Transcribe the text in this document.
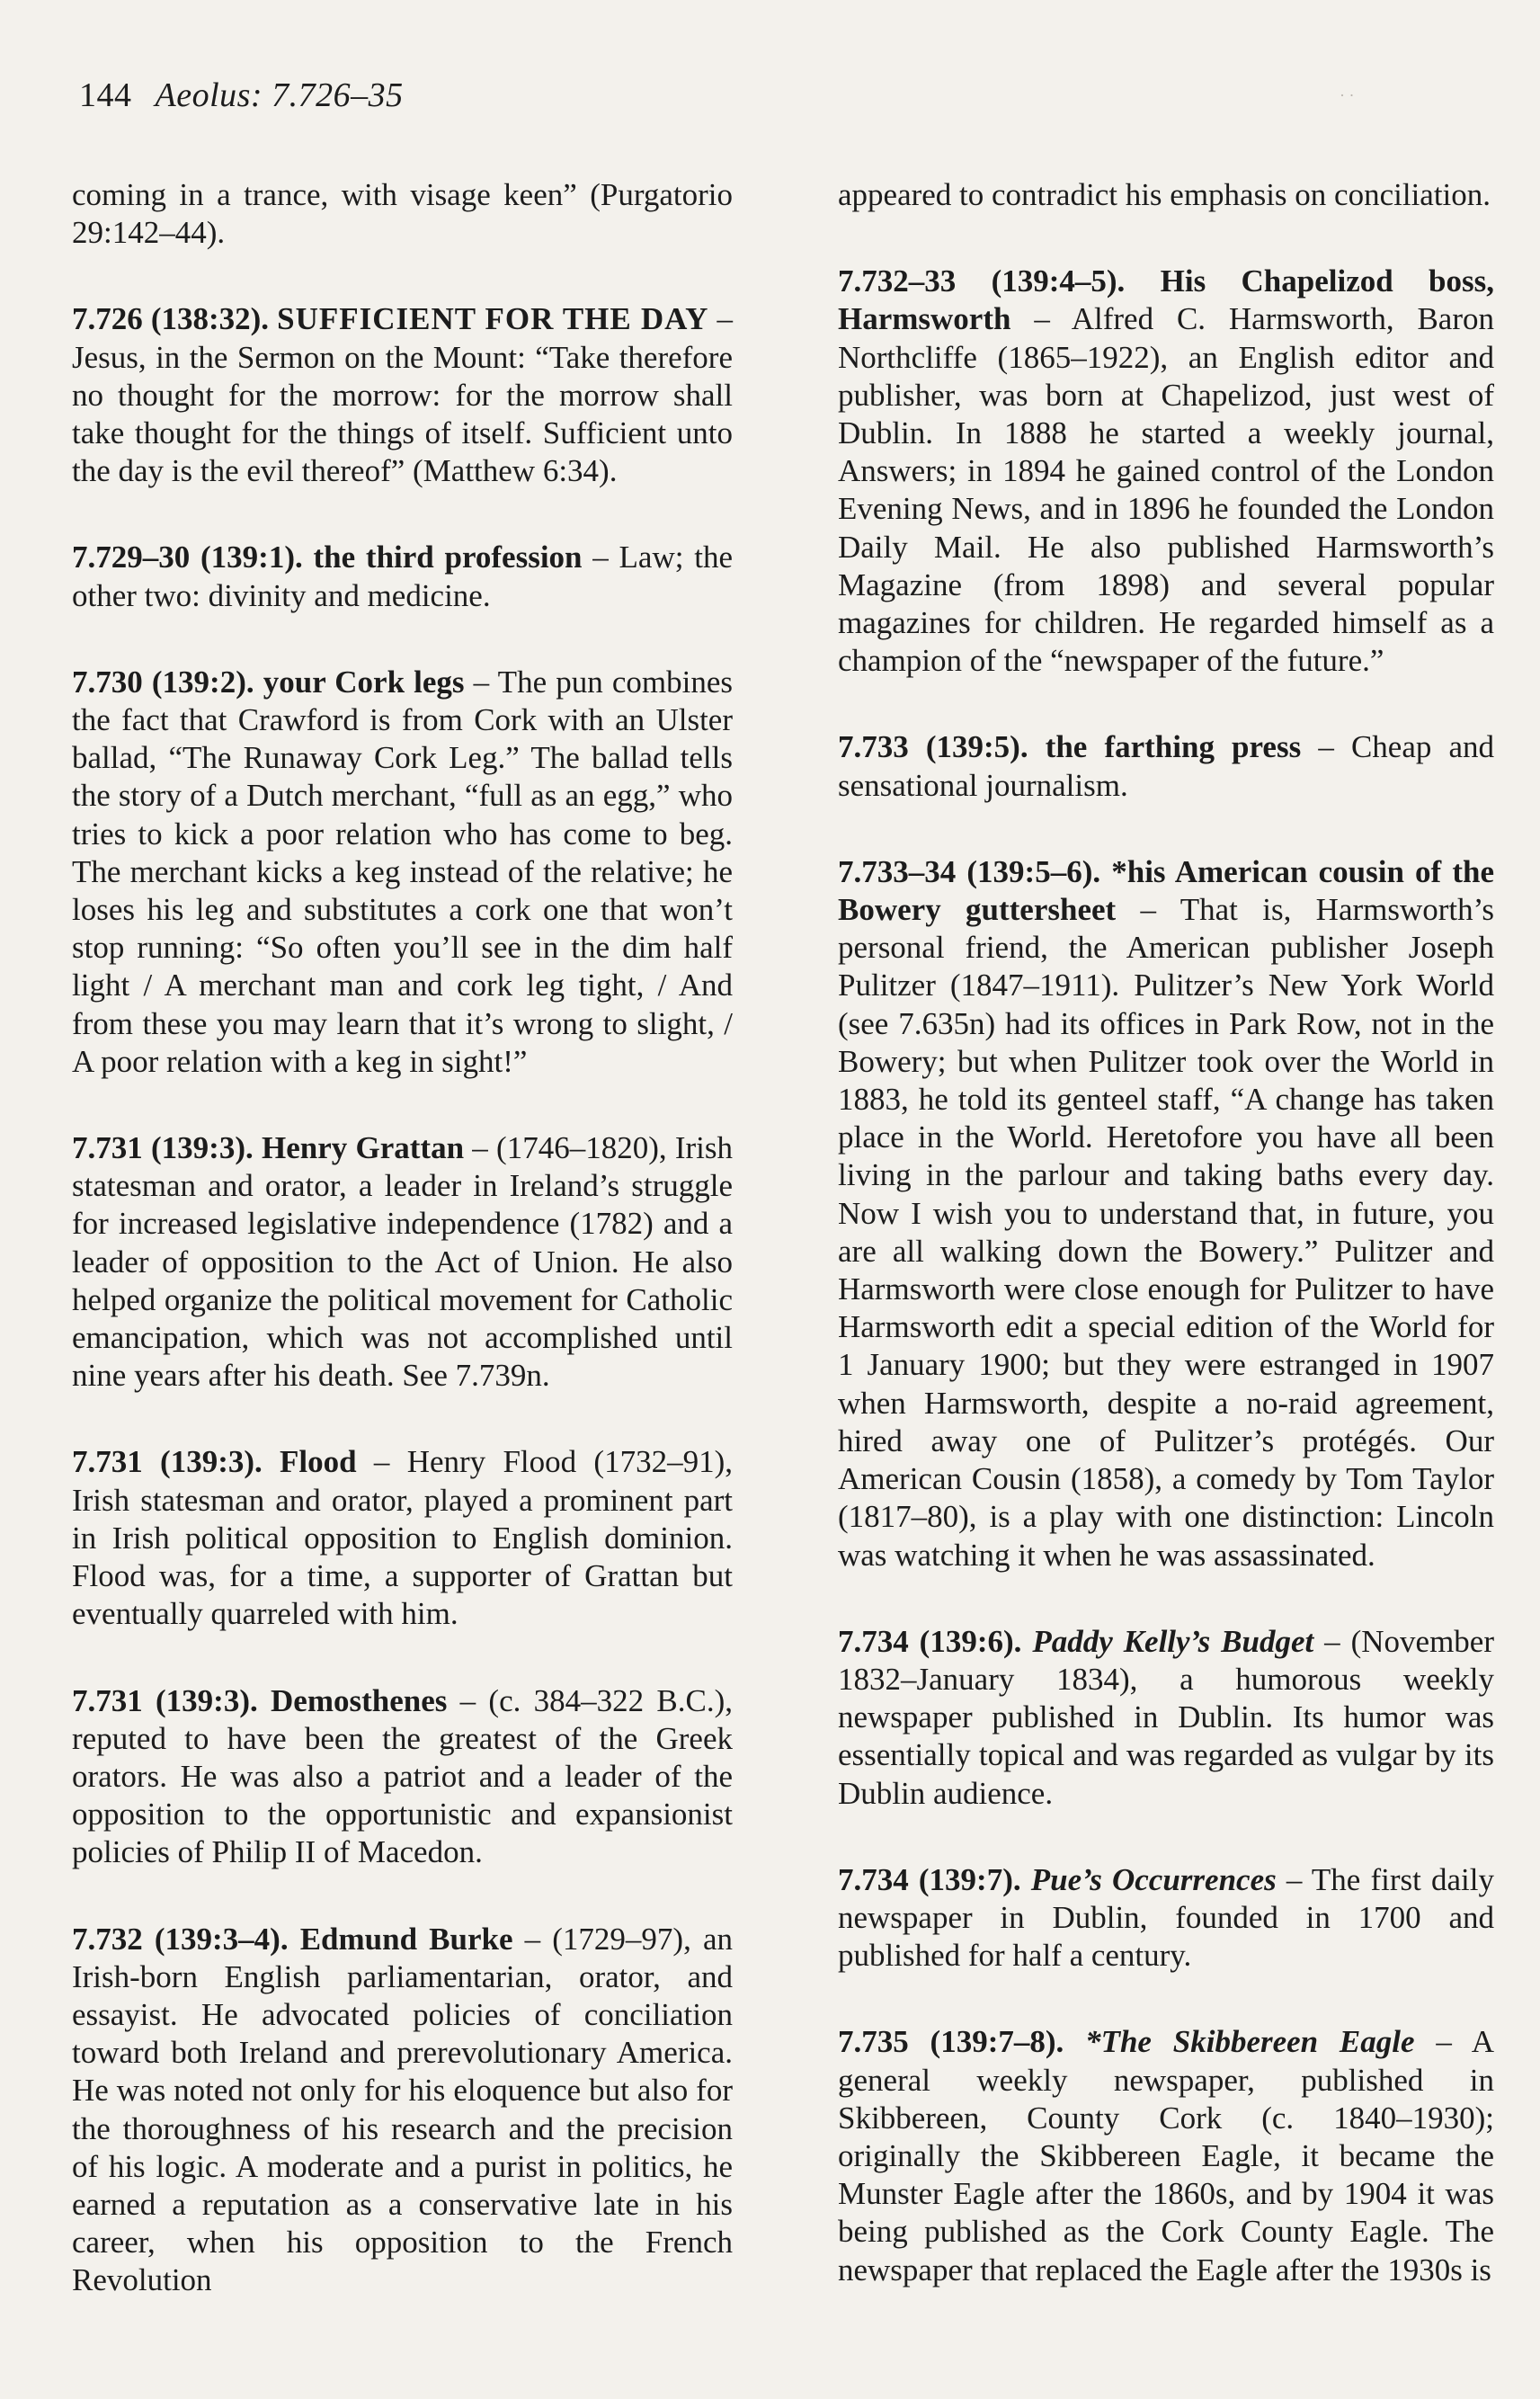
144 Aeolus: 7.726–35	· ·

coming in a trance, with visage keen” (Purgatorio 29:142–44).

7.726 (138:32). SUFFICIENT FOR THE DAY – Jesus, in the Sermon on the Mount: “Take therefore no thought for the morrow: for the morrow shall take thought for the things of itself. Sufficient unto the day is the evil thereof” (Matthew 6:34).

7.729–30 (139:1). the third profession – Law; the other two: divinity and medicine.

7.730 (139:2). your Cork legs – The pun combines the fact that Crawford is from Cork with an Ulster ballad, “The Runaway Cork Leg.” The ballad tells the story of a Dutch merchant, “full as an egg,” who tries to kick a poor relation who has come to beg. The merchant kicks a keg instead of the relative; he loses his leg and substitutes a cork one that won’t stop running: “So often you’ll see in the dim half light / A merchant man and cork leg tight, / And from these you may learn that it’s wrong to slight, / A poor relation with a keg in sight!”

7.731 (139:3). Henry Grattan – (1746–1820), Irish statesman and orator, a leader in Ireland’s struggle for increased legislative independence (1782) and a leader of opposition to the Act of Union. He also helped organize the political movement for Catholic emancipation, which was not accomplished until nine years after his death. See 7.739n.

7.731 (139:3). Flood – Henry Flood (1732–91), Irish statesman and orator, played a prominent part in Irish political opposition to English dominion. Flood was, for a time, a supporter of Grattan but eventually quarreled with him.

7.731 (139:3). Demosthenes – (c. 384–322 B.C.), reputed to have been the greatest of the Greek orators. He was also a patriot and a leader of the opposition to the opportunistic and expansionist policies of Philip II of Macedon.

7.732 (139:3–4). Edmund Burke – (1729–97), an Irish-born English parliamentarian, orator, and essayist. He advocated policies of conciliation toward both Ireland and prerevolutionary America. He was noted not only for his eloquence but also for the thoroughness of his research and the precision of his logic. A moderate and a purist in politics, he earned a reputation as a conservative late in his career, when his opposition to the French Revolution

appeared to contradict his emphasis on conciliation.

7.732–33 (139:4–5). His Chapelizod boss, Harmsworth – Alfred C. Harmsworth, Baron Northcliffe (1865–1922), an English editor and publisher, was born at Chapelizod, just west of Dublin. In 1888 he started a weekly journal, Answers; in 1894 he gained control of the London Evening News, and in 1896 he founded the London Daily Mail. He also published Harmsworth’s Magazine (from 1898) and several popular magazines for children. He regarded himself as a champion of the “newspaper of the future.”

7.733 (139:5). the farthing press – Cheap and sensational journalism.

7.733–34 (139:5–6). *his American cousin of the Bowery guttersheet – That is, Harmsworth’s personal friend, the American publisher Joseph Pulitzer (1847–1911). Pulitzer’s New York World (see 7.635n) had its offices in Park Row, not in the Bowery; but when Pulitzer took over the World in 1883, he told its genteel staff, “A change has taken place in the World. Heretofore you have all been living in the parlour and taking baths every day. Now I wish you to understand that, in future, you are all walking down the Bowery.” Pulitzer and Harmsworth were close enough for Pulitzer to have Harmsworth edit a special edition of the World for 1 January 1900; but they were estranged in 1907 when Harmsworth, despite a no-raid agreement, hired away one of Pulitzer’s protégés. Our American Cousin (1858), a comedy by Tom Taylor (1817–80), is a play with one distinction: Lincoln was watching it when he was assassinated.

7.734 (139:6). Paddy Kelly’s Budget – (November 1832–January 1834), a humorous weekly newspaper published in Dublin. Its humor was essentially topical and was regarded as vulgar by its Dublin audience.

7.734 (139:7). Pue’s Occurrences – The first daily newspaper in Dublin, founded in 1700 and published for half a century.

7.735 (139:7–8). *The Skibbereen Eagle – A general weekly newspaper, published in Skibbereen, County Cork (c. 1840–1930); originally the Skibbereen Eagle, it became the Munster Eagle after the 1860s, and by 1904 it was being published as the Cork County Eagle. The newspaper that replaced the Eagle after the 1930s is
